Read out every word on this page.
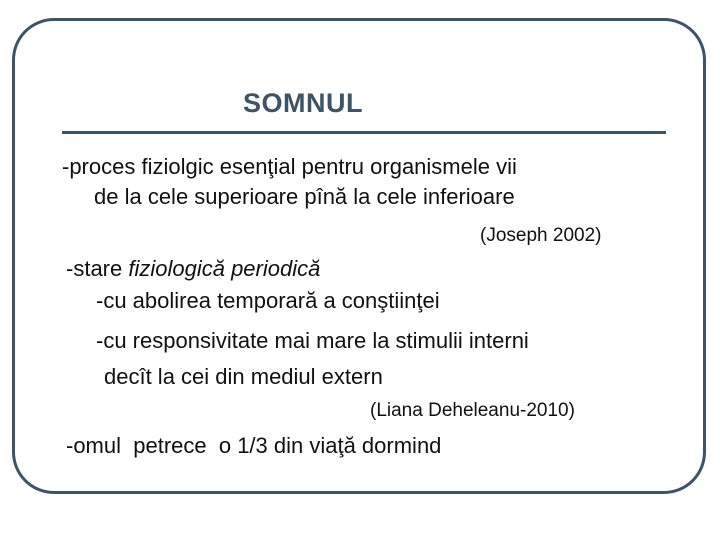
SOMNUL
-proces fiziolgic esenţial pentru organismele vii
de la cele superioare pînă la cele inferioare
(Joseph 2002)
-stare fiziologică periodică
-cu abolirea temporară a conştiinţei
-cu responsivitate mai mare la stimulii interni
decît la cei din mediul extern
(Liana Deheleanu-2010)
-omul  petrece  o 1/3 din viaţă dormind
